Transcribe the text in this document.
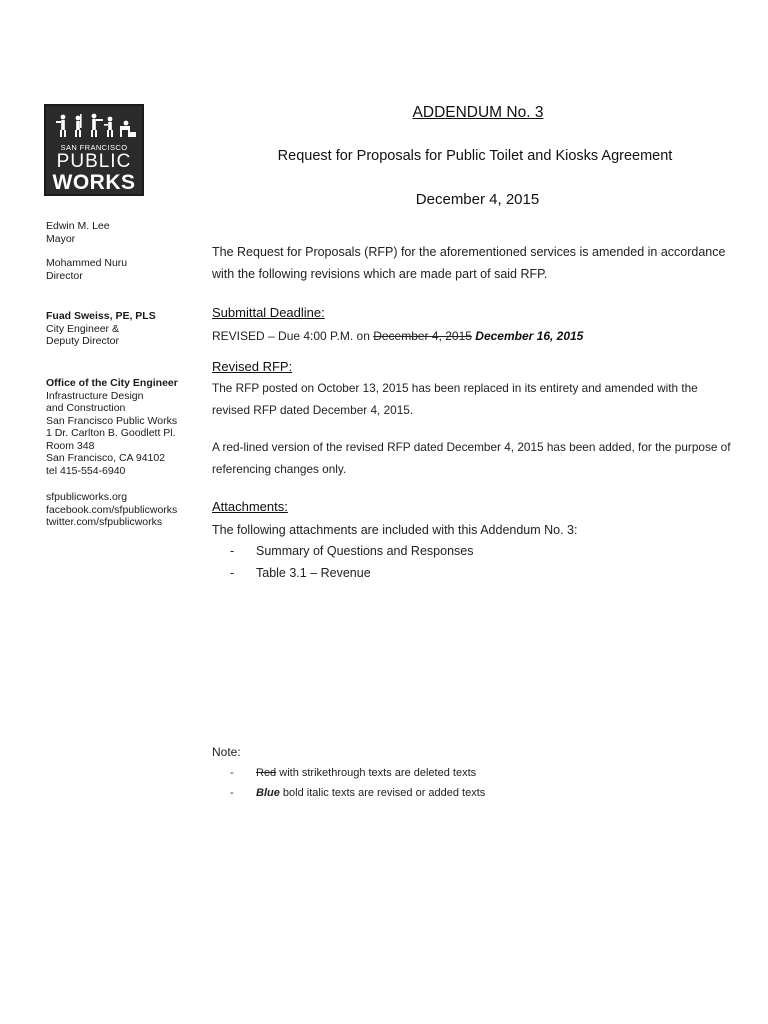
SAN FRANCISCO
PUBLIC
WORKS
Edwin M. Lee
Mayor
Mohammed Nuru
Director
Fuad Sweiss, PE, PLS
City Engineer &
Deputy Director
Office of the City Engineer
Infrastructure Design
and Construction
San Francisco Public Works
1 Dr. Carlton B. Goodlett Pl.
Room 348
San Francisco, CA 94102
tel 415-554-6940
sfpublicworks.org
facebook.com/sfpublicworks
twitter.com/sfpublicworks
ADDENDUM No. 3
Request for Proposals for Public Toilet and Kiosks Agreement
December 4, 2015
The Request for Proposals (RFP) for the aforementioned services is amended in accordance with the following revisions which are made part of said RFP.
Submittal Deadline:
REVISED – Due 4:00 P.M. on December 4, 2015 December 16, 2015
Revised RFP:
The RFP posted on October 13, 2015 has been replaced in its entirety and amended with the revised RFP dated December 4, 2015.
A red-lined version of the revised RFP dated December 4, 2015 has been added, for the purpose of referencing changes only.
Attachments:
The following attachments are included with this Addendum No. 3:
- Summary of Questions and Responses
- Table 3.1 – Revenue
Note:
- Red with strikethrough texts are deleted texts
- Blue bold italic texts are revised or added texts
